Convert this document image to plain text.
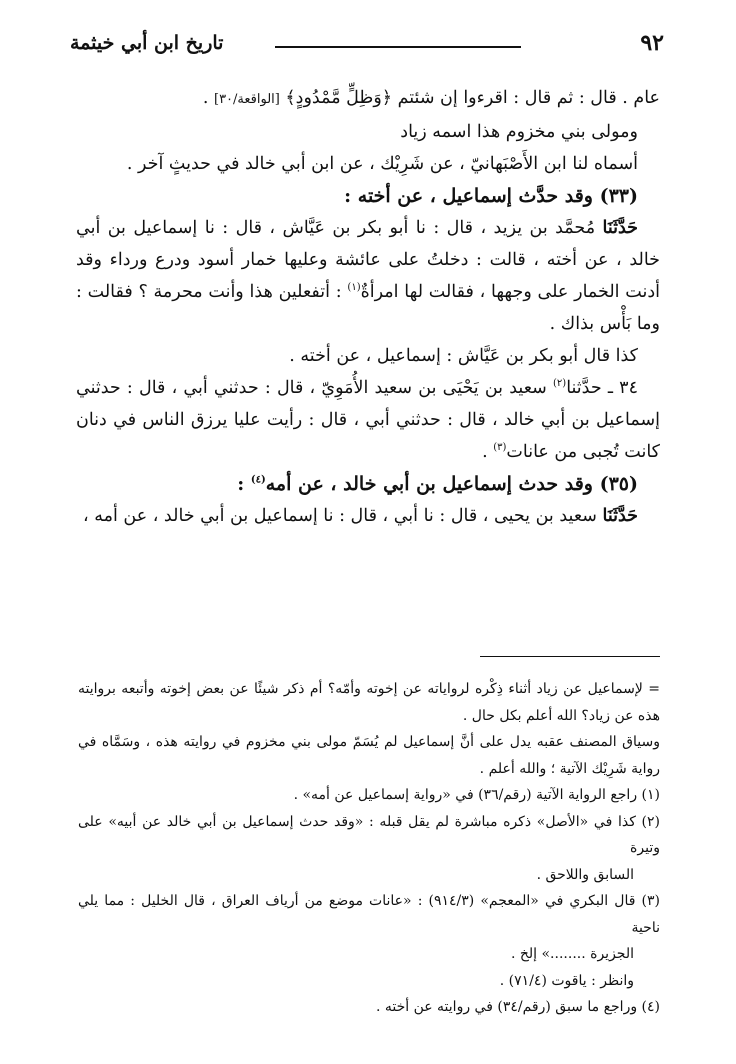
٩٢
تاريخ ابن أبي خيثمة

عام . قال : ثم قال : اقرءوا إن شئتم ﴿وَظِلٍّ مَّمْدُودٍ﴾ [الواقعة/٣٠] .

ومولى بني مخزوم هذا اسمه زياد

أسماه لنا ابن الأَصْبَهانيّ ، عن شَرِيْك ، عن ابن أبي خالد في حديثٍ آخر .

(٣٣) وقد حدَّث إسماعيل ، عن أخته :

حَدَّثَنَا مُحمَّد بن يزيد ، قال : نا أبو بكر بن عَيَّاش ، قال : نا إسماعيل بن أبي خالد ، عن أخته ، قالت : دخلتُ على عائشة وعليها خمار أسود ودرع ورداء وقد أدنت الخمار على وجهها ، فقالت لها امرأةٌ$^{(١)}$ : أتفعلين هذا وأنت محرمة ؟ فقالت : وما بَأْس بذاك .

كذا قال أبو بكر بن عَيَّاش : إسماعيل ، عن أخته .

٣٤ ـ حدَّثنا$^{(٢)}$ سعيد بن يَحْيَى بن سعيد الأُمَوِيّ ، قال : حدثني أبي ، قال : حدثني إسماعيل بن أبي خالد ، قال : حدثني أبي ، قال : رأيت عليا يرزق الناس في دنان كانت تُجبى من عانات$^{(٣)}$ .

(٣٥) وقد حدث إسماعيل بن أبي خالد ، عن أمه$^{(٤)}$ :

حَدَّثَنَا سعيد بن يحيى ، قال : نا أبي ، قال : نا إسماعيل بن أبي خالد ، عن أمه ،

= لإسماعيل عن زياد أثناء ذِكْره لرواياته عن إخوته وأمّه؟ أم ذكر شيئًا عن بعض إخوته وأتبعه بروايته هذه عن زياد؟ الله أعلم بكل حال .

وسياق المصنف عقبه يدل على أنَّ إسماعيل لم يُسَمّ مولى بني مخزوم في روايته هذه ، وسَمَّاه في رواية شَرِيْك الآتية ؛ والله أعلم .

(١) راجع الرواية الآتية (رقم/٣٦) في «رواية إسماعيل عن أمه» .

(٢) كذا في «الأصل» ذكره مباشرة لم يقل قبله : «وقد حدث إسماعيل بن أبي خالد عن أبيه» على وتيرة

السابق واللاحق .

(٣) قال البكري في «المعجم» (٩١٤/٣) : «عانات موضع من أرياف العراق ، قال الخليل : مما يلي ناحية

الجزيرة ........» إلخ .

وانظر : ياقوت (٧١/٤) .

(٤) وراجع ما سبق (رقم/٣٤) في روايته عن أخته .
